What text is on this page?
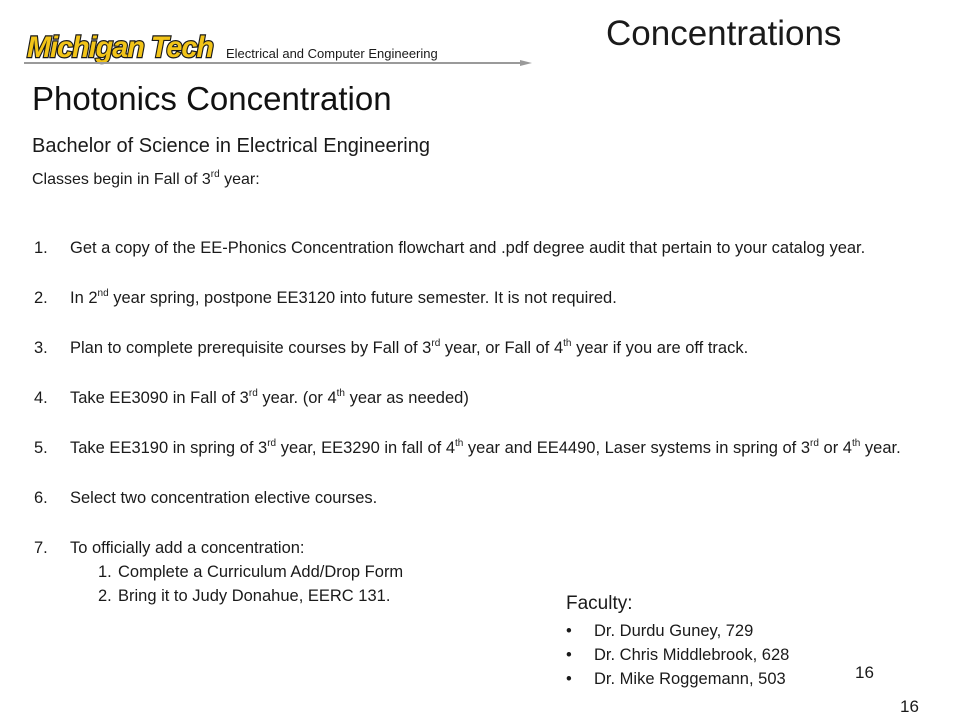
Michigan Tech Electrical and Computer Engineering
Concentrations
Photonics Concentration
Bachelor of Science in Electrical Engineering
Classes begin in Fall of 3rd year:
1. Get a copy of the EE-Phonics Concentration flowchart and .pdf degree audit that pertain to your catalog year.
2. In 2nd year spring, postpone EE3120 into future semester. It is not required.
3. Plan to complete prerequisite courses by Fall of 3rd year, or Fall of 4th year if you are off track.
4. Take EE3090 in Fall of 3rd year. (or 4th year as needed)
5. Take EE3190 in spring of 3rd year, EE3290 in fall of 4th year and EE4490, Laser systems in spring of 3rd or 4th year.
6. Select two concentration elective courses.
7. To officially add a concentration:
1. Complete a Curriculum Add/Drop Form
2. Bring it to Judy Donahue, EERC 131.	Faculty:
• Dr. Durdu Guney, 729
• Dr. Chris Middlebrook, 628
• Dr. Mike Roggemann, 503	16
16
